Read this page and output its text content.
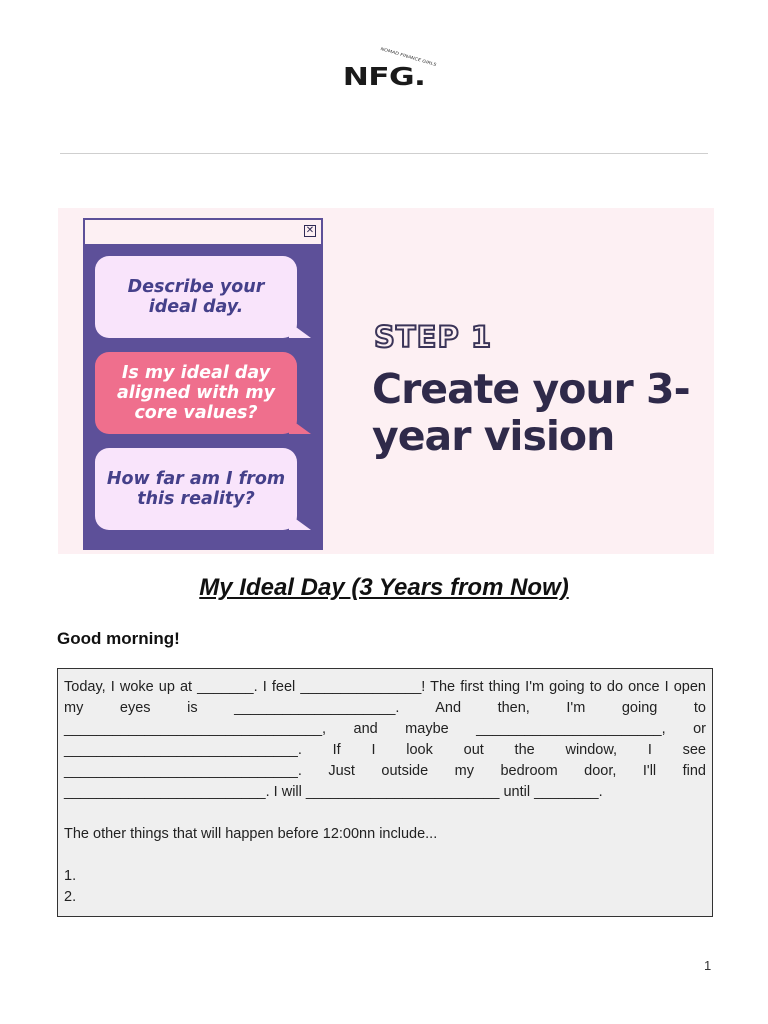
NFG.
NOMAD FINANCE GIRLS
✕
Describe your ideal day.
Is my ideal day aligned with my core values?
How far am I from this reality?
STEP 1
Create your 3-year vision
My Ideal Day (3 Years from Now)
Good morning!

Today, I woke up at _______. I feel _______________! The first thing I'm going to do once I open my eyes is ____________________. And then, I'm going to ________________________________, and maybe _______________________, or _____________________________. If I look out the window, I see _____________________________. Just outside my bedroom door, I'll find _________________________. I will ________________________ until ________.

The other things that will happen before 12:00nn include...

1.
2.
1
